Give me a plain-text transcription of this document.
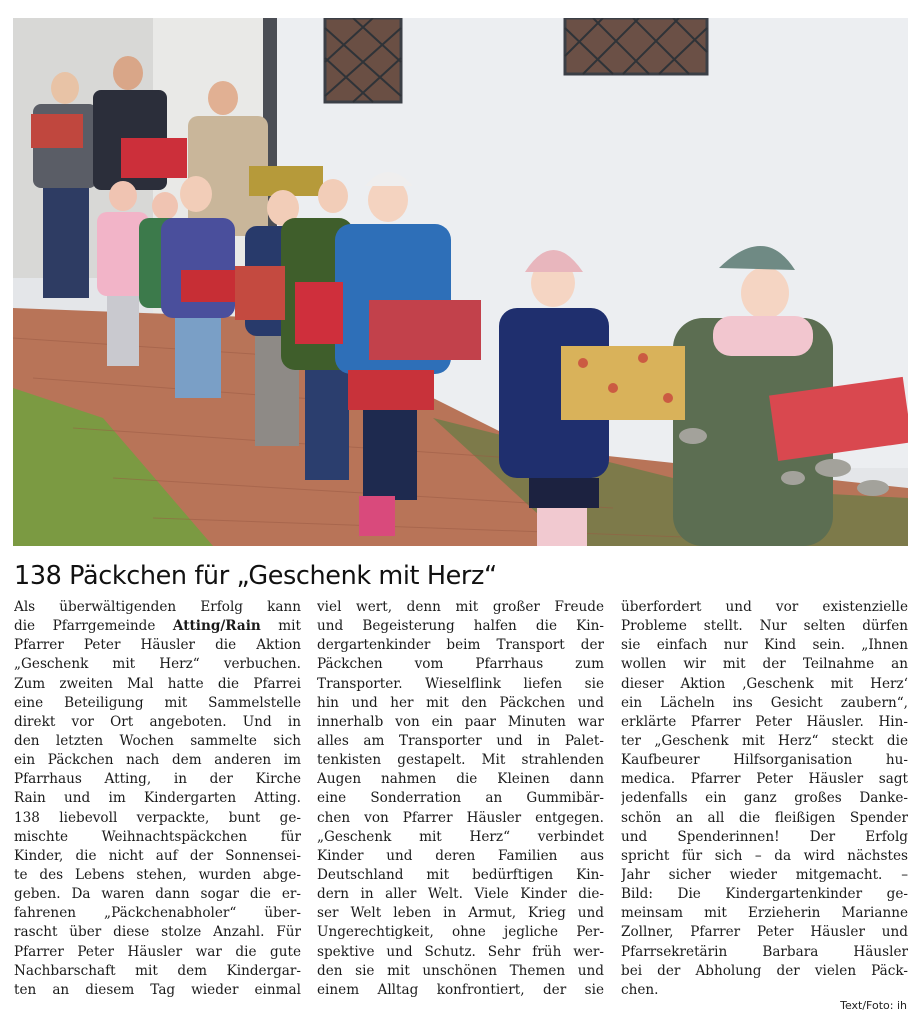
138 Päckchen für „Geschenk mit Herz“
Als überwältigenden Erfolg kann
die Pfarrgemeinde Atting/Rain mit
Pfarrer Peter Häusler die Aktion
„Geschenk mit Herz“ verbuchen.
Zum zweiten Mal hatte die Pfarrei
eine Beteiligung mit Sammelstelle
direkt vor Ort angeboten. Und in
den letzten Wochen sammelte sich
ein Päckchen nach dem anderen im
Pfarrhaus Atting, in der Kirche
Rain und im Kindergarten Atting.
138 liebevoll verpackte, bunt ge-
mischte Weihnachtspäckchen für
Kinder, die nicht auf der Sonnensei-
te des Lebens stehen, wurden abge-
geben. Da waren dann sogar die er-
fahrenen „Päckchenabholer“ über-
rascht über diese stolze Anzahl. Für
Pfarrer Peter Häusler war die gute
Nachbarschaft mit dem Kindergar-
ten an diesem Tag wieder einmal
viel wert, denn mit großer Freude
und Begeisterung halfen die Kin-
dergartenkinder beim Transport der
Päckchen vom Pfarrhaus zum
Transporter. Wieselflink liefen sie
hin und her mit den Päckchen und
innerhalb von ein paar Minuten war
alles am Transporter und in Palet-
tenkisten gestapelt. Mit strahlenden
Augen nahmen die Kleinen dann
eine Sonderration an Gummibär-
chen von Pfarrer Häusler entgegen.
„Geschenk mit Herz“ verbindet
Kinder und deren Familien aus
Deutschland mit bedürftigen Kin-
dern in aller Welt. Viele Kinder die-
ser Welt leben in Armut, Krieg und
Ungerechtigkeit, ohne jegliche Per-
spektive und Schutz. Sehr früh wer-
den sie mit unschönen Themen und
einem Alltag konfrontiert, der sie
überfordert und vor existenzielle
Probleme stellt. Nur selten dürfen
sie einfach nur Kind sein. „Ihnen
wollen wir mit der Teilnahme an
dieser Aktion ‚Geschenk mit Herz‘
ein Lächeln ins Gesicht zaubern“,
erklärte Pfarrer Peter Häusler. Hin-
ter „Geschenk mit Herz“ steckt die
Kaufbeurer Hilfsorganisation hu-
medica. Pfarrer Peter Häusler sagt
jedenfalls ein ganz großes Danke-
schön an all die fleißigen Spender
und Spenderinnen! Der Erfolg
spricht für sich – da wird nächstes
Jahr sicher wieder mitgemacht. –
Bild: Die Kindergartenkinder ge-
meinsam mit Erzieherin Marianne
Zollner, Pfarrer Peter Häusler und
Pfarrsekretärin Barbara Häusler
bei der Abholung der vielen Päck-
chen.
Text/Foto: ih
